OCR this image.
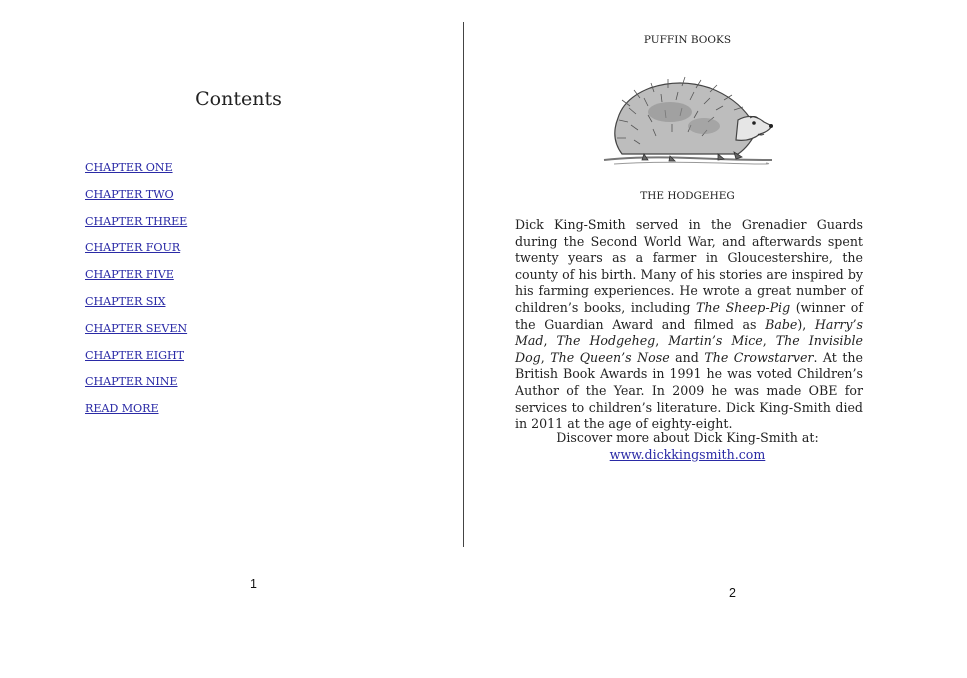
Contents
CHAPTER ONE
CHAPTER TWO
CHAPTER THREE
CHAPTER FOUR
CHAPTER FIVE
CHAPTER SIX
CHAPTER SEVEN
CHAPTER EIGHT
CHAPTER NINE
READ MORE
1

PUFFIN BOOKS

THE HODGEHEG

Dick King-Smith served in the Grenadier Guards during the Second World War, and afterwards spent twenty years as a farmer in Gloucestershire, the county of his birth. Many of his stories are inspired by his farming experiences. He wrote a great number of children’s books, including The Sheep-Pig (winner of the Guardian Award and filmed as Babe), Harry’s Mad, The Hodgeheg, Martin’s Mice, The Invisible Dog, The Queen’s Nose and The Crowstarver. At the British Book Awards in 1991 he was voted Children’s Author of the Year. In 2009 he was made OBE for services to children’s literature. Dick King-Smith died in 2011 at the age of eighty-eight.

Discover more about Dick King-Smith at:
www.dickkingsmith.com

2
